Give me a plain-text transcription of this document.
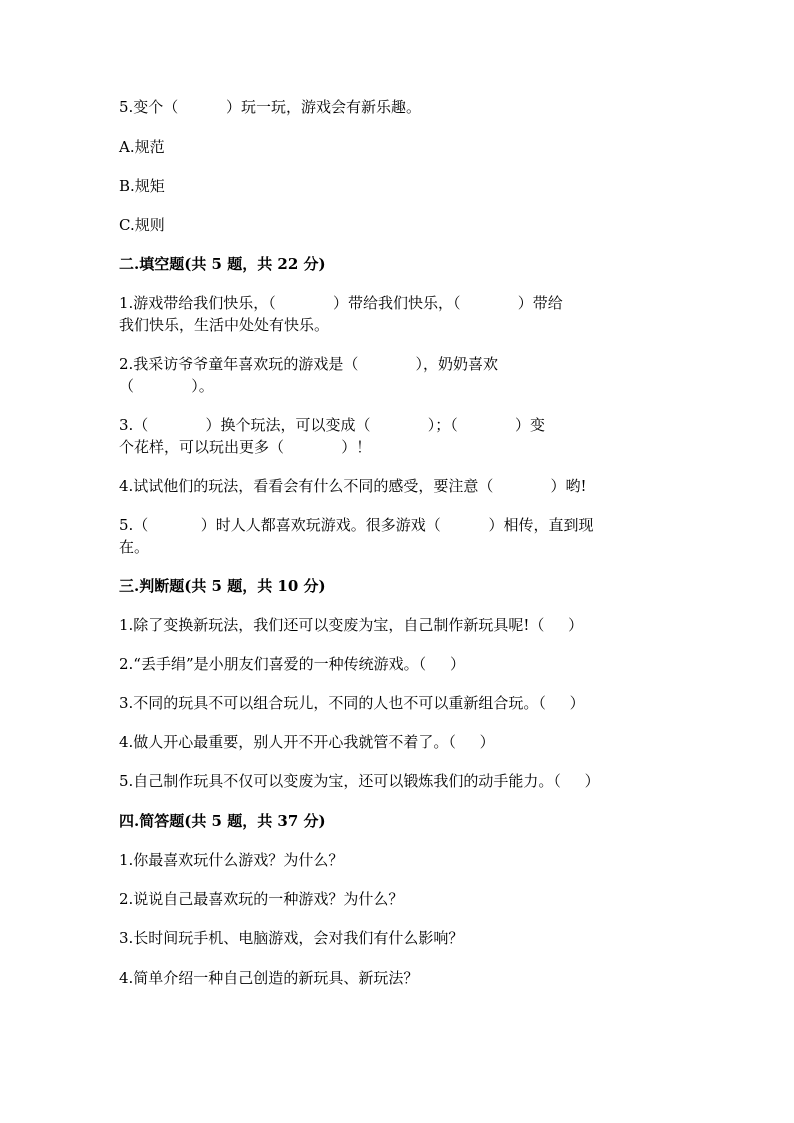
5.变个（          ）玩一玩，游戏会有新乐趣。
A.规范
B.规矩
C.规则
二.填空题(共 5 题，共 22 分)
1.游戏带给我们快乐，（            ）带给我们快乐，（            ）带给
我们快乐，生活中处处有快乐。
2.我采访爷爷童年喜欢玩的游戏是（            ），奶奶喜欢
（            ）。
3.（            ）换个玩法，可以变成（            ）；（            ）变
个花样，可以玩出更多（            ）！
4.试试他们的玩法，看看会有什么不同的感受，要注意（            ）哟!
5.（           ）时人人都喜欢玩游戏。很多游戏（          ）相传，直到现
在。
三.判断题(共 5 题，共 10 分)
1.除了变换新玩法，我们还可以变废为宝，自己制作新玩具呢!（     ）
2.“丢手绢”是小朋友们喜爱的一种传统游戏。（     ）
3.不同的玩具不可以组合玩儿，不同的人也不可以重新组合玩。（     ）
4.做人开心最重要，别人开不开心我就管不着了。（     ）
5.自己制作玩具不仅可以变废为宝，还可以锻炼我们的动手能力。（     ）
四.简答题(共 5 题，共 37 分)
1.你最喜欢玩什么游戏？为什么？
2.说说自己最喜欢玩的一种游戏？为什么？
3.长时间玩手机、电脑游戏，会对我们有什么影响？
4.简单介绍一种自己创造的新玩具、新玩法？
